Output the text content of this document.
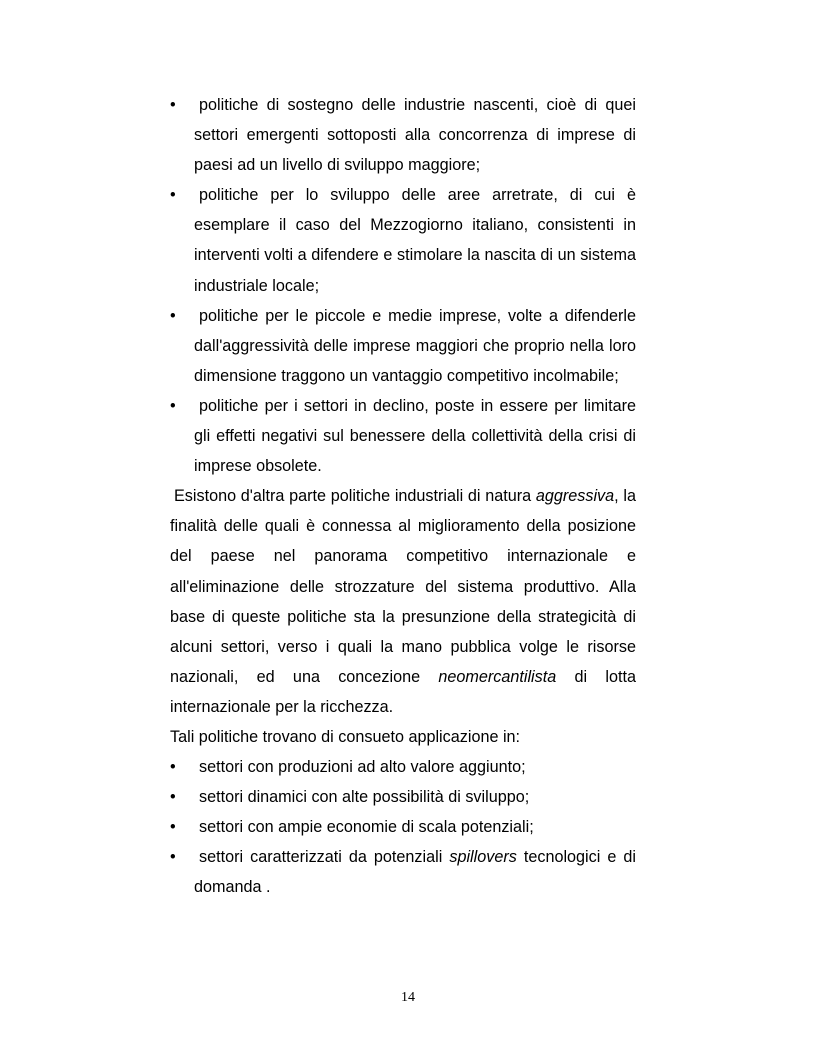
•	politiche di sostegno delle industrie nascenti, cioè di quei settori emergenti sottoposti alla concorrenza di imprese di paesi ad un livello di sviluppo maggiore;
•	politiche per lo sviluppo delle aree arretrate, di cui è esemplare il caso del Mezzogiorno italiano, consistenti in interventi volti a difendere e stimolare la nascita di un sistema industriale locale;
•	politiche per le piccole e medie imprese, volte a difenderle dall'aggressività delle imprese maggiori che proprio nella loro dimensione traggono un vantaggio competitivo incolmabile;
•	politiche per i settori in declino, poste in essere per limitare gli effetti negativi sul benessere della collettività della crisi di imprese obsolete.

Esistono d'altra parte politiche industriali di natura aggressiva, la finalità delle quali è connessa al miglioramento della posizione del paese nel panorama competitivo internazionale e all'eliminazione delle strozzature del sistema produttivo. Alla base di queste politiche sta la presunzione della strategicità di alcuni settori, verso i quali la mano pubblica volge le risorse nazionali, ed una concezione neomercantilista di lotta internazionale per la ricchezza.

Tali politiche trovano di consueto applicazione in:

•	settori con produzioni ad alto valore aggiunto;
•	settori dinamici con alte possibilità di sviluppo;
•	settori con ampie economie di scala potenziali;
•	settori caratterizzati da potenziali spillovers tecnologici e di domanda .
14
